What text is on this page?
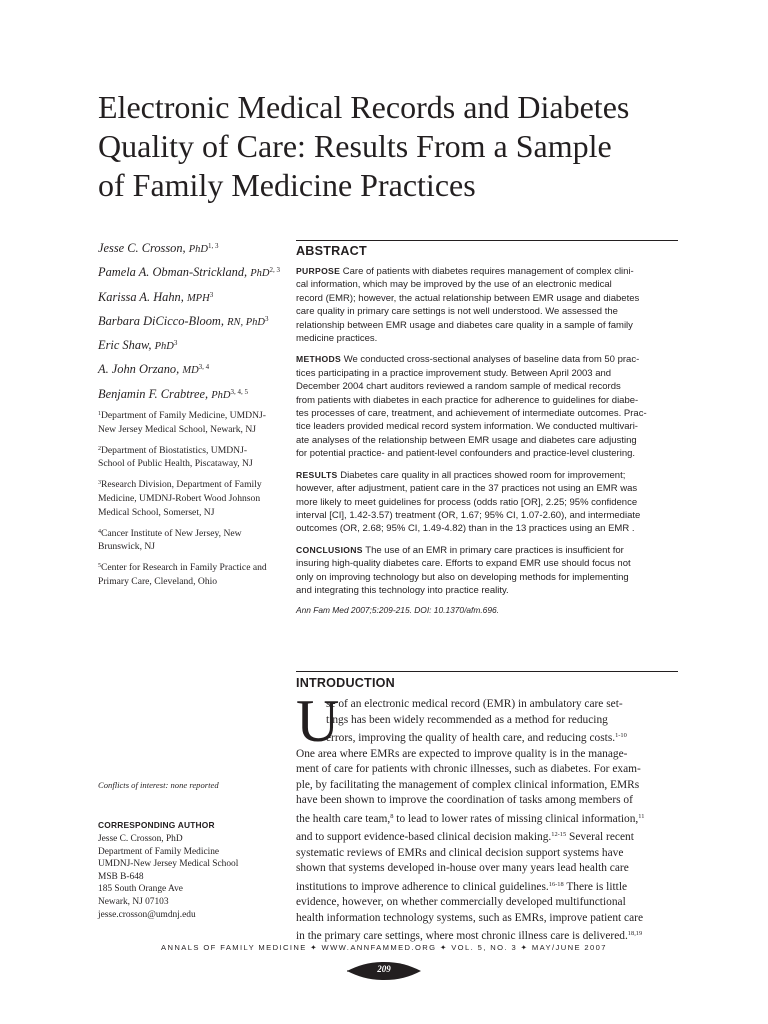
Electronic Medical Records and Diabetes
Quality of Care: Results From a Sample
of Family Medicine Practices
Jesse C. Crosson, PhD$^{1, 3}$
Pamela A. Obman-Strickland, PhD$^{2, 3}$
Karissa A. Hahn, MPH$^3$
Barbara DiCicco-Bloom, RN, PhD$^3$
Eric Shaw, PhD$^3$
A. John Orzano, MD$^{3, 4}$
Benjamin F. Crabtree, PhD$^{3, 4, 5}$
$^1$Department of Family Medicine, UMDNJ-
New Jersey Medical School, Newark, NJ
$^2$Department of Biostatistics, UMDNJ-
School of Public Health, Piscataway, NJ
$^3$Research Division, Department of Family
Medicine, UMDNJ-Robert Wood Johnson
Medical School, Somerset, NJ
$^4$Cancer Institute of New Jersey, New
Brunswick, NJ
$^5$Center for Research in Family Practice and
Primary Care, Cleveland, Ohio
Conflicts of interest: none reported
CORRESPONDING AUTHOR
Jesse C. Crosson, PhD
Department of Family Medicine
UMDNJ-New Jersey Medical School
MSB B-648
185 South Orange Ave
Newark, NJ 07103
jesse.crosson@umdnj.edu
ABSTRACT
PURPOSE Care of patients with diabetes requires management of complex clini-
cal information, which may be improved by the use of an electronic medical
record (EMR); however, the actual relationship between EMR usage and diabetes
care quality in primary care settings is not well understood. We assessed the
relationship between EMR usage and diabetes care quality in a sample of family
medicine practices.
METHODS We conducted cross-sectional analyses of baseline data from 50 prac-
tices participating in a practice improvement study. Between April 2003 and
December 2004 chart auditors reviewed a random sample of medical records
from patients with diabetes in each practice for adherence to guidelines for diabe-
tes processes of care, treatment, and achievement of intermediate outcomes. Prac-
tice leaders provided medical record system information. We conducted multivari-
ate analyses of the relationship between EMR usage and diabetes care adjusting
for potential practice- and patient-level confounders and practice-level clustering.
RESULTS Diabetes care quality in all practices showed room for improvement;
however, after adjustment, patient care in the 37 practices not using an EMR was
more likely to meet guidelines for process (odds ratio [OR], 2.25; 95% confidence
interval [CI], 1.42-3.57) treatment (OR, 1.67; 95% CI, 1.07-2.60), and intermediate
outcomes (OR, 2.68; 95% CI, 1.49-4.82) than in the 13 practices using an EMR .
CONCLUSIONS The use of an EMR in primary care practices is insufficient for
insuring high-quality diabetes care. Efforts to expand EMR use should focus not
only on improving technology but also on developing methods for implementing
and integrating this technology into practice reality.
Ann Fam Med 2007;5:209-215. DOI: 10.1370/afm.696.
INTRODUCTION
U
se of an electronic medical record (EMR) in ambulatory care set-
tings has been widely recommended as a method for reducing
errors, improving the quality of health care, and reducing costs.$^{1-10}$
One area where EMRs are expected to improve quality is in the manage-
ment of care for patients with chronic illnesses, such as diabetes. For exam-
ple, by facilitating the management of complex clinical information, EMRs
have been shown to improve the coordination of tasks among members of
the health care team,$^8$ to lead to lower rates of missing clinical information,$^{11}$
and to support evidence-based clinical decision making.$^{12-15}$ Several recent
systematic reviews of EMRs and clinical decision support systems have
shown that systems developed in-house over many years lead health care
institutions to improve adherence to clinical guidelines.$^{16-18}$ There is little
evidence, however, on whether commercially developed multifunctional
health information technology systems, such as EMRs, improve patient care
in the primary care settings, where most chronic illness care is delivered.$^{18,19}$
ANNALS OF FAMILY MEDICINE ✦ WWW.ANNFAMMED.ORG ✦ VOL. 5, NO. 3 ✦ MAY/JUNE 2007
209
